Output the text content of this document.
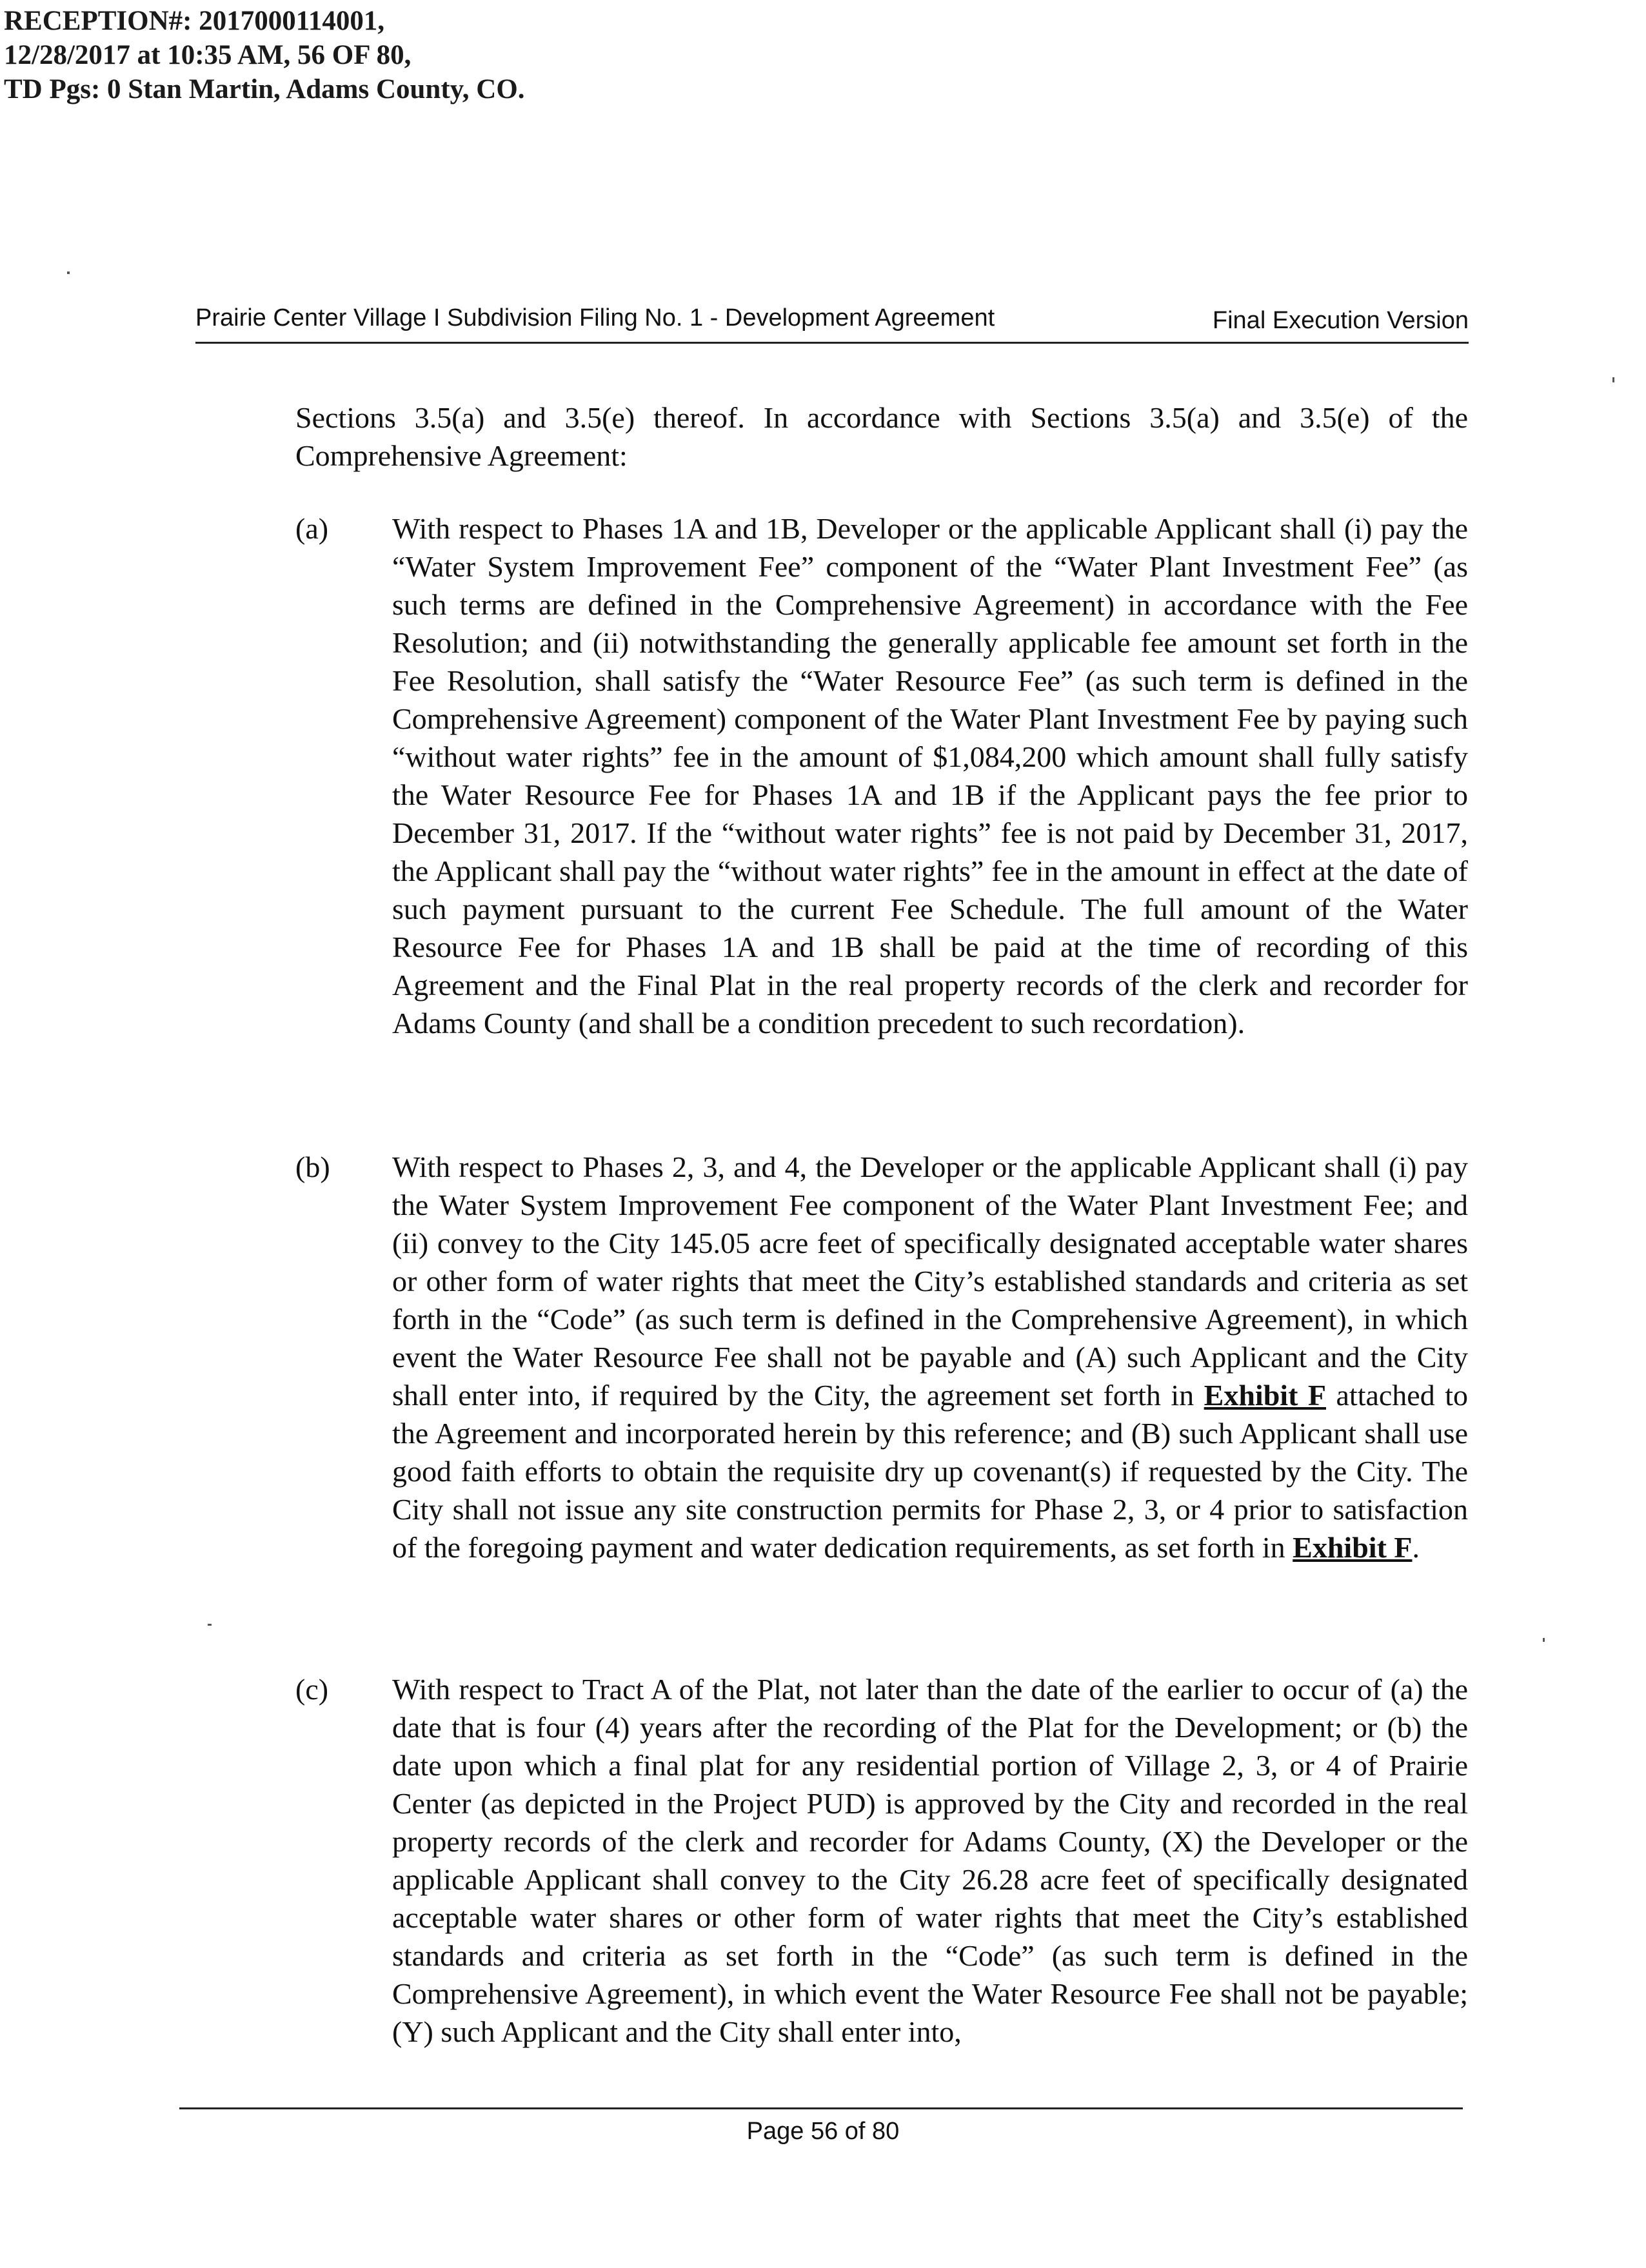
RECEPTION#: 2017000114001,
12/28/2017 at 10:35 AM, 56 OF 80,
TD Pgs: 0 Stan Martin, Adams County, CO.
Prairie Center Village I Subdivision Filing No. 1 - Development Agreement	Final Execution Version
Sections 3.5(a) and 3.5(e) thereof. In accordance with Sections 3.5(a) and 3.5(e) of the Comprehensive Agreement:
(a) With respect to Phases 1A and 1B, Developer or the applicable Applicant shall (i) pay the “Water System Improvement Fee” component of the “Water Plant Investment Fee” (as such terms are defined in the Comprehensive Agreement) in accordance with the Fee Resolution; and (ii) notwithstanding the generally applicable fee amount set forth in the Fee Resolution, shall satisfy the “Water Resource Fee” (as such term is defined in the Comprehensive Agreement) component of the Water Plant Investment Fee by paying such “without water rights” fee in the amount of $1,084,200 which amount shall fully satisfy the Water Resource Fee for Phases 1A and 1B if the Applicant pays the fee prior to December 31, 2017. If the “without water rights” fee is not paid by December 31, 2017, the Applicant shall pay the “without water rights” fee in the amount in effect at the date of such payment pursuant to the current Fee Schedule. The full amount of the Water Resource Fee for Phases 1A and 1B shall be paid at the time of recording of this Agreement and the Final Plat in the real property records of the clerk and recorder for Adams County (and shall be a condition precedent to such recordation).
(b) With respect to Phases 2, 3, and 4, the Developer or the applicable Applicant shall (i) pay the Water System Improvement Fee component of the Water Plant Investment Fee; and (ii) convey to the City 145.05 acre feet of specifically designated acceptable water shares or other form of water rights that meet the City’s established standards and criteria as set forth in the “Code” (as such term is defined in the Comprehensive Agreement), in which event the Water Resource Fee shall not be payable and (A) such Applicant and the City shall enter into, if required by the City, the agreement set forth in Exhibit F attached to the Agreement and incorporated herein by this reference; and (B) such Applicant shall use good faith efforts to obtain the requisite dry up covenant(s) if requested by the City. The City shall not issue any site construction permits for Phase 2, 3, or 4 prior to satisfaction of the foregoing payment and water dedication requirements, as set forth in Exhibit F.
(c) With respect to Tract A of the Plat, not later than the date of the earlier to occur of (a) the date that is four (4) years after the recording of the Plat for the Development; or (b) the date upon which a final plat for any residential portion of Village 2, 3, or 4 of Prairie Center (as depicted in the Project PUD) is approved by the City and recorded in the real property records of the clerk and recorder for Adams County, (X) the Developer or the applicable Applicant shall convey to the City 26.28 acre feet of specifically designated acceptable water shares or other form of water rights that meet the City’s established standards and criteria as set forth in the “Code” (as such term is defined in the Comprehensive Agreement), in which event the Water Resource Fee shall not be payable; (Y) such Applicant and the City shall enter into,
Page 56 of 80
